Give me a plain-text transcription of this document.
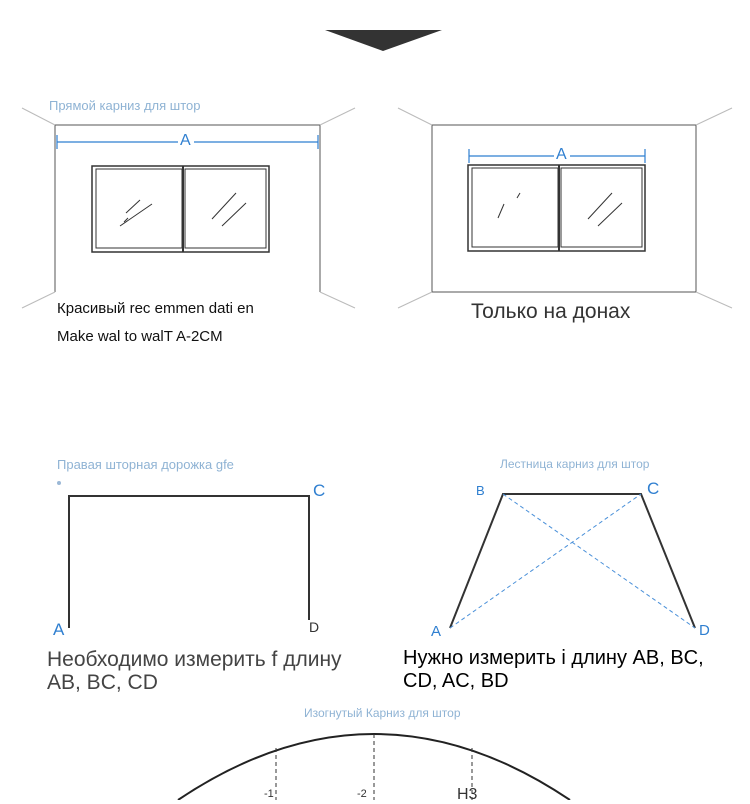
Прямой карниз для штор
A
Красивый rec emmen dati en
Make wal to walT A-2CM
A
Только на донах
Правая шторная дорожка gfe
C
A	D
Необходимо измерить f длину AB, BC, CD
Лестница карниз для штор
B	C
A	D
Нужно измерить i длину AB, BC, CD, AC, BD
Изогнутый Карниз для штор
-1	-2	H3
